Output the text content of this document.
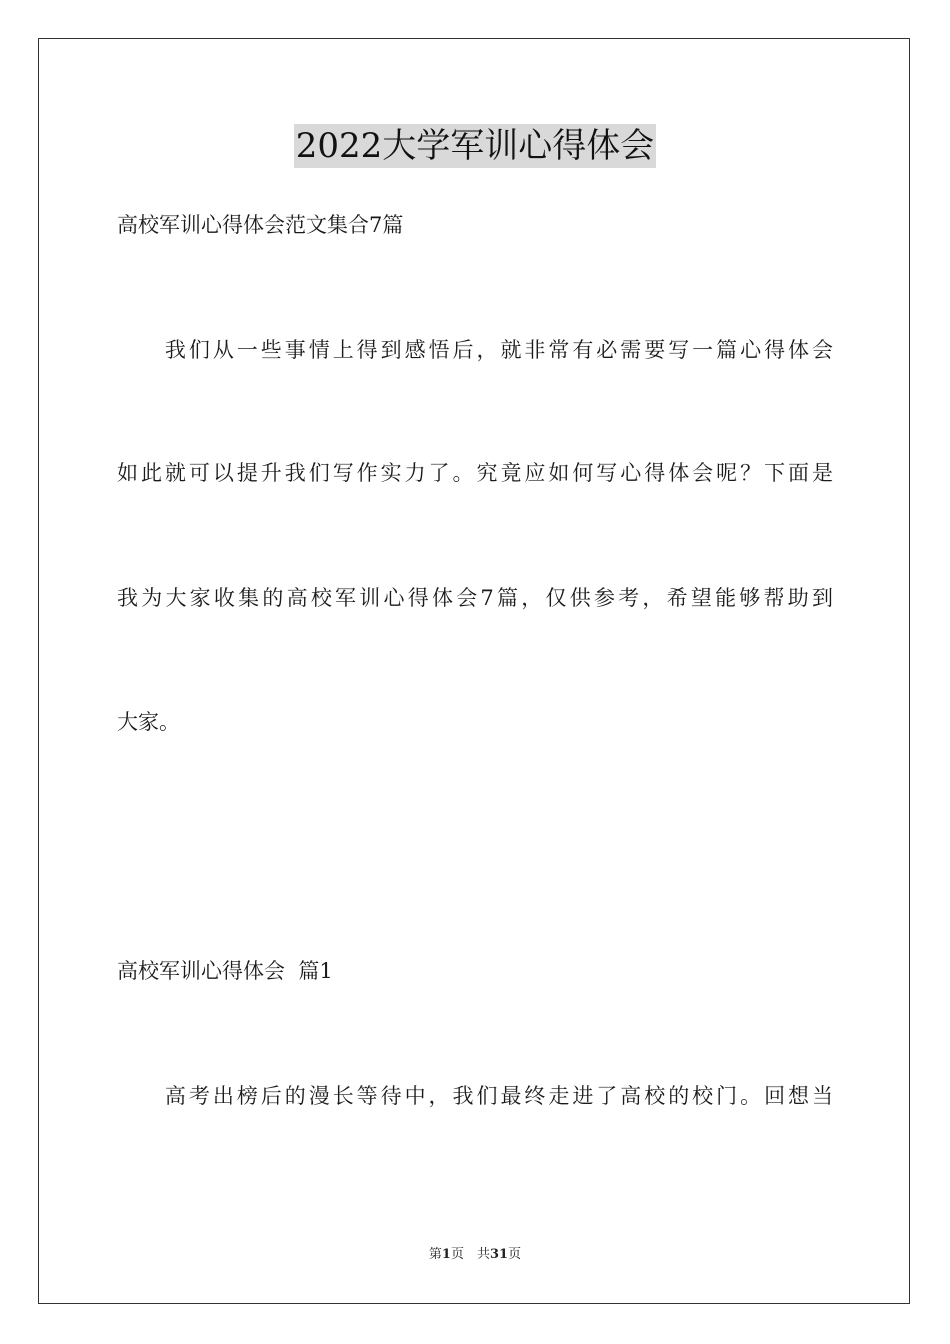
2022大学军训心得体会
高校军训心得体会范文集合7篇
　　我们从一些事情上得到感悟后，就非常有必需要写一篇心得体会
如此就可以提升我们写作实力了。究竟应如何写心得体会呢？下面是
我为大家收集的高校军训心得体会7篇，仅供参考，希望能够帮助到
大家。
高校军训心得体会  篇1
　　高考出榜后的漫长等待中，我们最终走进了高校的校门。回想当
第1页　共31页
